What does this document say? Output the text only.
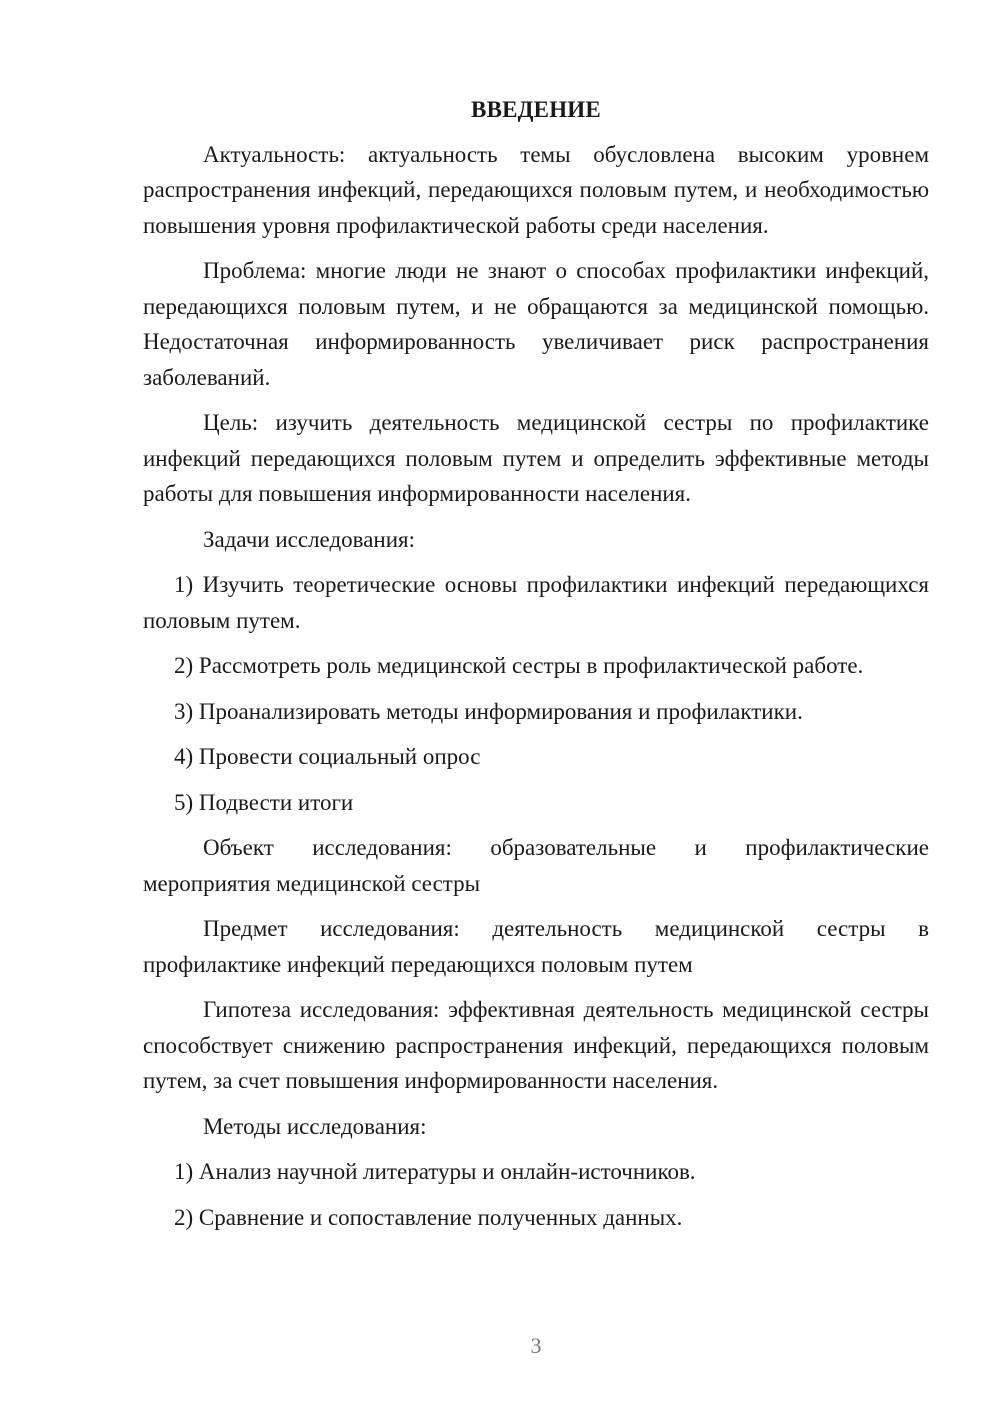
ВВЕДЕНИЕ

Актуальность: актуальность темы обусловлена высоким уровнем распространения инфекций, передающихся половым путем, и необходимостью повышения уровня профилактической работы среди населения.

Проблема: многие люди не знают о способах профилактики инфекций, передающихся половым путем, и не обращаются за медицинской помощью. Недостаточная информированность увеличивает риск распространения заболеваний.

Цель: изучить деятельность медицинской сестры по профилактике инфекций передающихся половым путем и определить эффективные методы работы для повышения информированности населения.

Задачи исследования:

1) Изучить теоретические основы профилактики инфекций передающихся половым путем.

2) Рассмотреть роль медицинской сестры в профилактической работе.

3) Проанализировать методы информирования и профилактики.

4) Провести социальный опрос

5) Подвести итоги

Объект исследования: образовательные и профилактические мероприятия медицинской сестры

Предмет исследования: деятельность медицинской сестры в профилактике инфекций передающихся половым путем

Гипотеза исследования: эффективная деятельность медицинской сестры способствует снижению распространения инфекций, передающихся половым путем, за счет повышения информированности населения.

Методы исследования:

1) Анализ научной литературы и онлайн-источников.

2) Сравнение и сопоставление полученных данных.

3
